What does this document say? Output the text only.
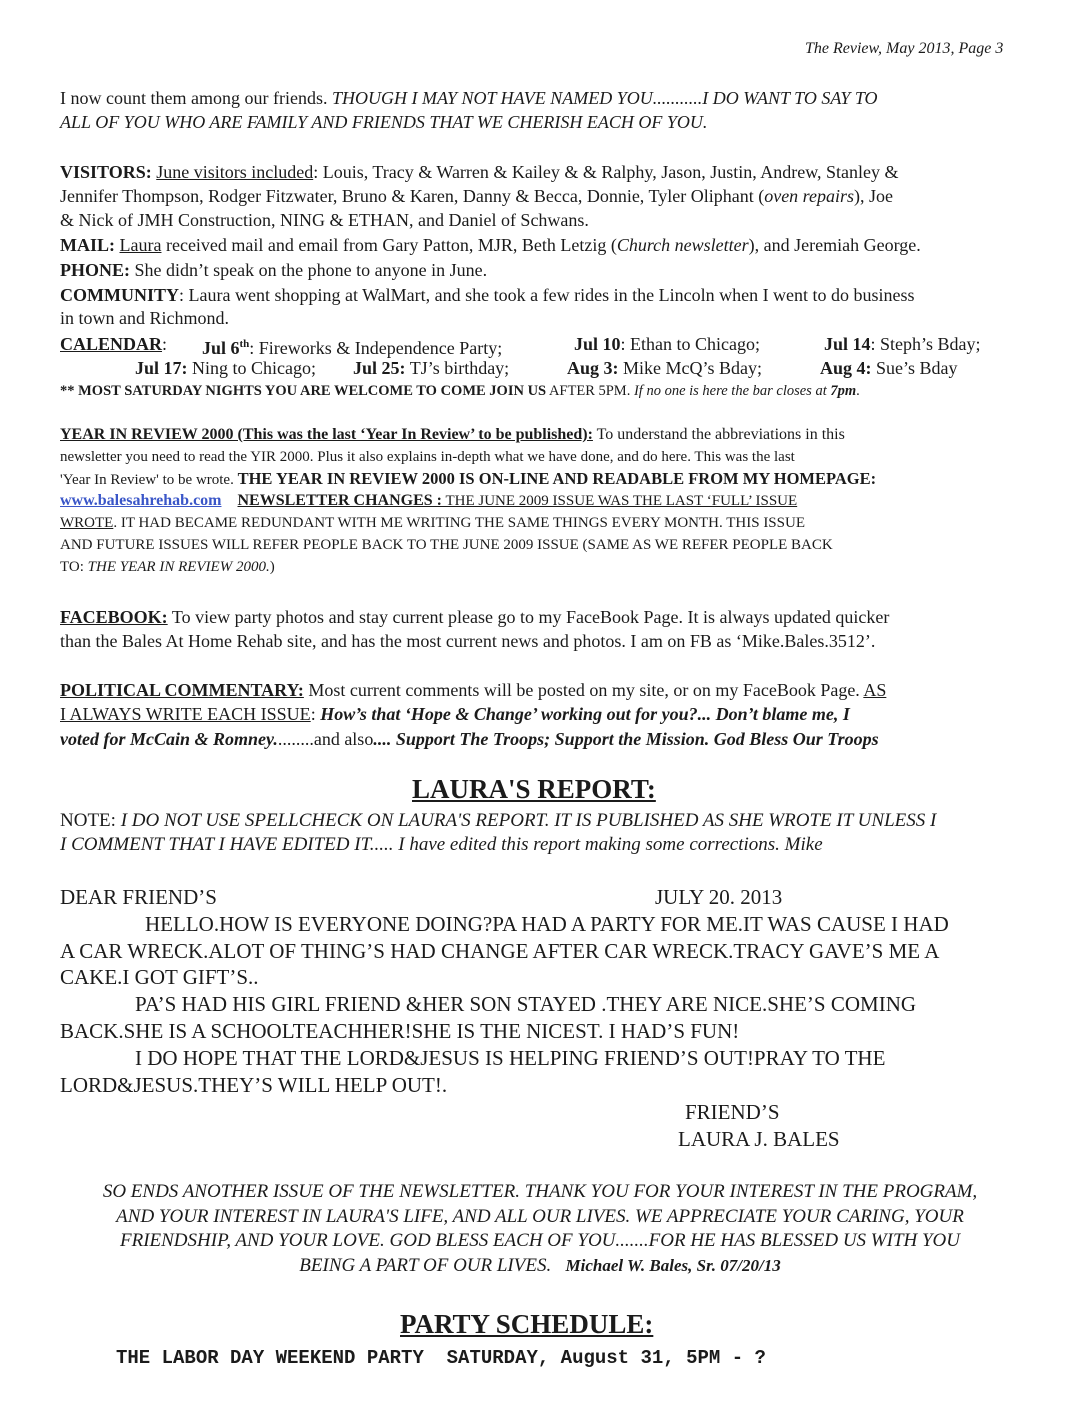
The Review, May 2013, Page 3

I now count them among our friends. THOUGH I MAY NOT HAVE NAMED YOU...........I DO WANT TO SAY TO

ALL OF YOU WHO ARE FAMILY AND FRIENDS THAT WE CHERISH EACH OF YOU.

VISITORS: June visitors included: Louis, Tracy & Warren & Kailey & & Ralphy, Jason, Justin, Andrew, Stanley &

Jennifer Thompson, Rodger Fitzwater, Bruno & Karen, Danny & Becca, Donnie, Tyler Oliphant (oven repairs), Joe

& Nick of JMH Construction, NING & ETHAN, and Daniel of Schwans.

MAIL: Laura received mail and email from Gary Patton, MJR, Beth Letzig (Church newsletter), and Jeremiah George.

PHONE: She didn’t speak on the phone to anyone in June.

COMMUNITY: Laura went shopping at WalMart, and she took a few rides in the Lincoln when I went to do business

in town and Richmond.

CALENDAR: Jul 6th: Fireworks & Independence Party;	Jul 10: Ethan to Chicago;	Jul 14: Steph’s Bday;

Jul 17: Ning to Chicago; Jul 25: TJ’s birthday;	Aug 3: Mike McQ’s Bday;	Aug 4: Sue’s Bday

** MOST SATURDAY NIGHTS YOU ARE WELCOME TO COME JOIN US AFTER 5PM. If no one is here the bar closes at 7pm.

YEAR IN REVIEW 2000 (This was the last ‘Year In Review’ to be published): To understand the abbreviations in this

newsletter you need to read the YIR 2000. Plus it also explains in-depth what we have done, and do here. This was the last

'Year In Review' to be wrote. THE YEAR IN REVIEW 2000 IS ON-LINE AND READABLE FROM MY HOMEPAGE:

www.balesahrehab.com NEWSLETTER CHANGES : THE JUNE 2009 ISSUE WAS THE LAST ‘FULL’ ISSUE

WROTE. IT HAD BECAME REDUNDANT WITH ME WRITING THE SAME THINGS EVERY MONTH. THIS ISSUE

AND FUTURE ISSUES WILL REFER PEOPLE BACK TO THE JUNE 2009 ISSUE (SAME AS WE REFER PEOPLE BACK

TO: THE YEAR IN REVIEW 2000.)

FACEBOOK: To view party photos and stay current please go to my FaceBook Page. It is always updated quicker

than the Bales At Home Rehab site, and has the most current news and photos. I am on FB as ‘Mike.Bales.3512’.

POLITICAL COMMENTARY: Most current comments will be posted on my site, or on my FaceBook Page. AS

I ALWAYS WRITE EACH ISSUE: How’s that ‘Hope & Change’ working out for you?... Don’t blame me, I

voted for McCain & Romney.........and also.... Support The Troops; Support the Mission. God Bless Our Troops

LAURA'S REPORT:

NOTE: I DO NOT USE SPELLCHECK ON LAURA'S REPORT. IT IS PUBLISHED AS SHE WROTE IT UNLESS I

I COMMENT THAT I HAVE EDITED IT..... I have edited this report making some corrections. Mike

DEAR FRIEND’S	JULY 20. 2013

HELLO.HOW IS EVERYONE DOING?PA HAD A PARTY FOR ME.IT WAS CAUSE I HAD

A CAR WRECK.ALOT OF THING’S HAD CHANGE AFTER CAR WRECK.TRACY GAVE’S ME A

CAKE.I GOT GIFT’S..

PA’S HAD HIS GIRL FRIEND &HER SON STAYED .THEY ARE NICE.SHE’S COMING

BACK.SHE IS A SCHOOLTEACHHER!SHE IS THE NICEST. I HAD’S FUN!

I DO HOPE THAT THE LORD&JESUS IS HELPING FRIEND’S OUT!PRAY TO THE

LORD&JESUS.THEY’S WILL HELP OUT!.

FRIEND’S

LAURA J. BALES

SO ENDS ANOTHER ISSUE OF THE NEWSLETTER. THANK YOU FOR YOUR INTEREST IN THE PROGRAM,
AND YOUR INTEREST IN LAURA'S LIFE, AND ALL OUR LIVES. WE APPRECIATE YOUR CARING, YOUR
FRIENDSHIP, AND YOUR LOVE. GOD BLESS EACH OF YOU.......FOR HE HAS BLESSED US WITH YOU
BEING A PART OF OUR LIVES. Michael W. Bales, Sr. 07/20/13

PARTY SCHEDULE:

THE LABOR DAY WEEKEND PARTY  SATURDAY, August 31, 5PM - ?
